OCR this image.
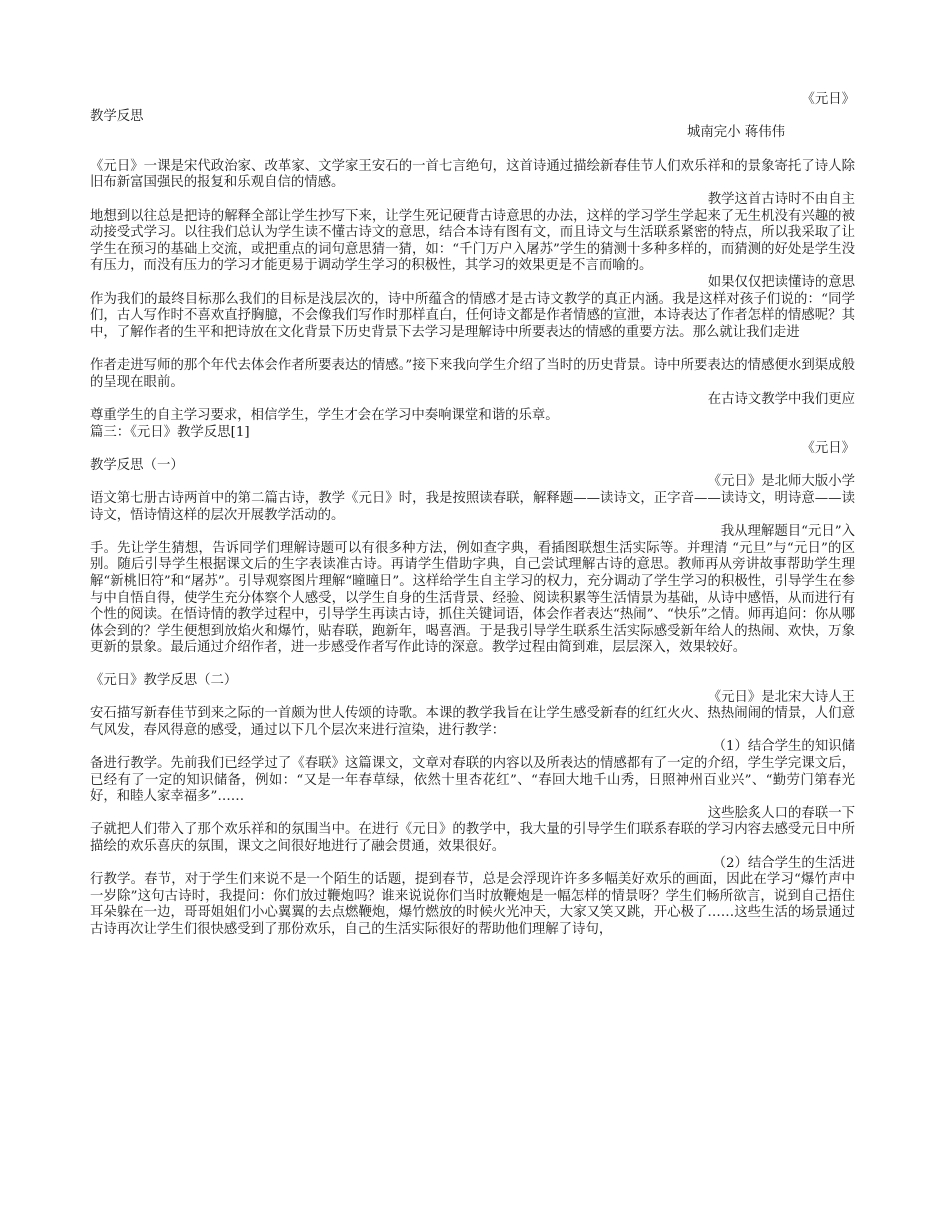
《元日》
教学反思
城南完小 蒋伟伟
《元日》一课是宋代政治家、改革家、文学家王安石的一首七言绝句，这首诗通过描绘新春佳节人们欢乐祥和的景象寄托了诗人除旧布新富国强民的报复和乐观自信的情感。
教学这首古诗时不由自主
地想到以往总是把诗的解释全部让学生抄写下来，让学生死记硬背古诗意思的办法，这样的学习学生学起来了无生机没有兴趣的被动接受式学习。以往我们总认为学生读不懂古诗文的意思，结合本诗有图有文，而且诗文与生活联系紧密的特点，所以我采取了让学生在预习的基础上交流，或把重点的词句意思猜一猜，如：“千门万户入屠苏”学生的猜测十多种多样的，而猜测的好处是学生没有压力，而没有压力的学习才能更易于调动学生学习的积极性，其学习的效果更是不言而喻的。
如果仅仅把读懂诗的意思
作为我们的最终目标那么我们的目标是浅层次的，诗中所蕴含的情感才是古诗文教学的真正内涵。我是这样对孩子们说的：“同学们，古人写作时不喜欢直抒胸臆，不会像我们写作时那样直白，任何诗文都是作者情感的宣泄，本诗表达了作者怎样的情感呢？其中，了解作者的生平和把诗放在文化背景下历史背景下去学习是理解诗中所要表达的情感的重要方法。那么就让我们走进
作者走进写师的那个年代去体会作者所要表达的情感。”接下来我向学生介绍了当时的历史背景。诗中所要表达的情感便水到渠成般的呈现在眼前。
在古诗文教学中我们更应
尊重学生的自主学习要求，相信学生，学生才会在学习中奏响课堂和谐的乐章。
篇三：《元日》教学反思[1]
《元日》
教学反思（一）
《元日》是北师大版小学
语文第七册古诗两首中的第二篇古诗，教学《元日》时，我是按照读春联，解释题——读诗文，正字音——读诗文，明诗意——读诗文，悟诗情这样的层次开展教学活动的。
我从理解题目“元日”入
手。先让学生猜想，告诉同学们理解诗题可以有很多种方法，例如查字典，看插图联想生活实际等。并理清 “元旦”与“元日”的区别。随后引导学生根据课文后的生字表读准古诗。再请学生借助字典，自己尝试理解古诗的意思。教师再从旁讲故事帮助学生理解“新桃旧符”和“屠苏”。引导观察图片理解“曈曈日”。这样给学生自主学习的权力，充分调动了学生学习的积极性，引导学生在参与中自悟自得，使学生充分体察个人感受，以学生自身的生活背景、经验、阅读积累等生活情景为基础，从诗中感悟，从而进行有个性的阅读。在悟诗情的教学过程中，引导学生再读古诗，抓住关键词语，体会作者表达“热闹”、“快乐”之情。师再追问：你从哪体会到的？学生便想到放焰火和爆竹，贴春联，跑新年，喝喜酒。于是我引导学生联系生活实际感受新年给人的热闹、欢快，万象更新的景象。最后通过介绍作者，进一步感受作者写作此诗的深意。教学过程由简到难，层层深入，效果较好。
《元日》教学反思（二）
《元日》是北宋大诗人王
安石描写新春佳节到来之际的一首颇为世人传颂的诗歌。本课的教学我旨在让学生感受新春的红红火火、热热闹闹的情景，人们意气风发，春风得意的感受，通过以下几个层次来进行渲染，进行教学：
（1）结合学生的知识储
备进行教学。先前我们已经学过了《春联》这篇课文，文章对春联的内容以及所表达的情感都有了一定的介绍，学生学完课文后，已经有了一定的知识储备，例如：“又是一年春草绿，依然十里杏花红”、“春回大地千山秀，日照神州百业兴”、“勤劳门第春光好，和睦人家幸福多”……
这些脍炙人口的春联一下
子就把人们带入了那个欢乐祥和的氛围当中。在进行《元日》的教学中，我大量的引导学生们联系春联的学习内容去感受元日中所描绘的欢乐喜庆的氛围，课文之间很好地进行了融会贯通，效果很好。
（2）结合学生的生活进
行教学。春节，对于学生们来说不是一个陌生的话题，提到春节，总是会浮现许许多多幅美好欢乐的画面，因此在学习“爆竹声中一岁除”这句古诗时，我提问：你们放过鞭炮吗？谁来说说你们当时放鞭炮是一幅怎样的情景呀？学生们畅所欲言，说到自己捂住耳朵躲在一边，哥哥姐姐们小心翼翼的去点燃鞭炮，爆竹燃放的时候火光冲天，大家又笑又跳，开心极了……这些生活的场景通过古诗再次让学生们很快感受到了那份欢乐，自己的生活实际很好的帮助他们理解了诗句，
